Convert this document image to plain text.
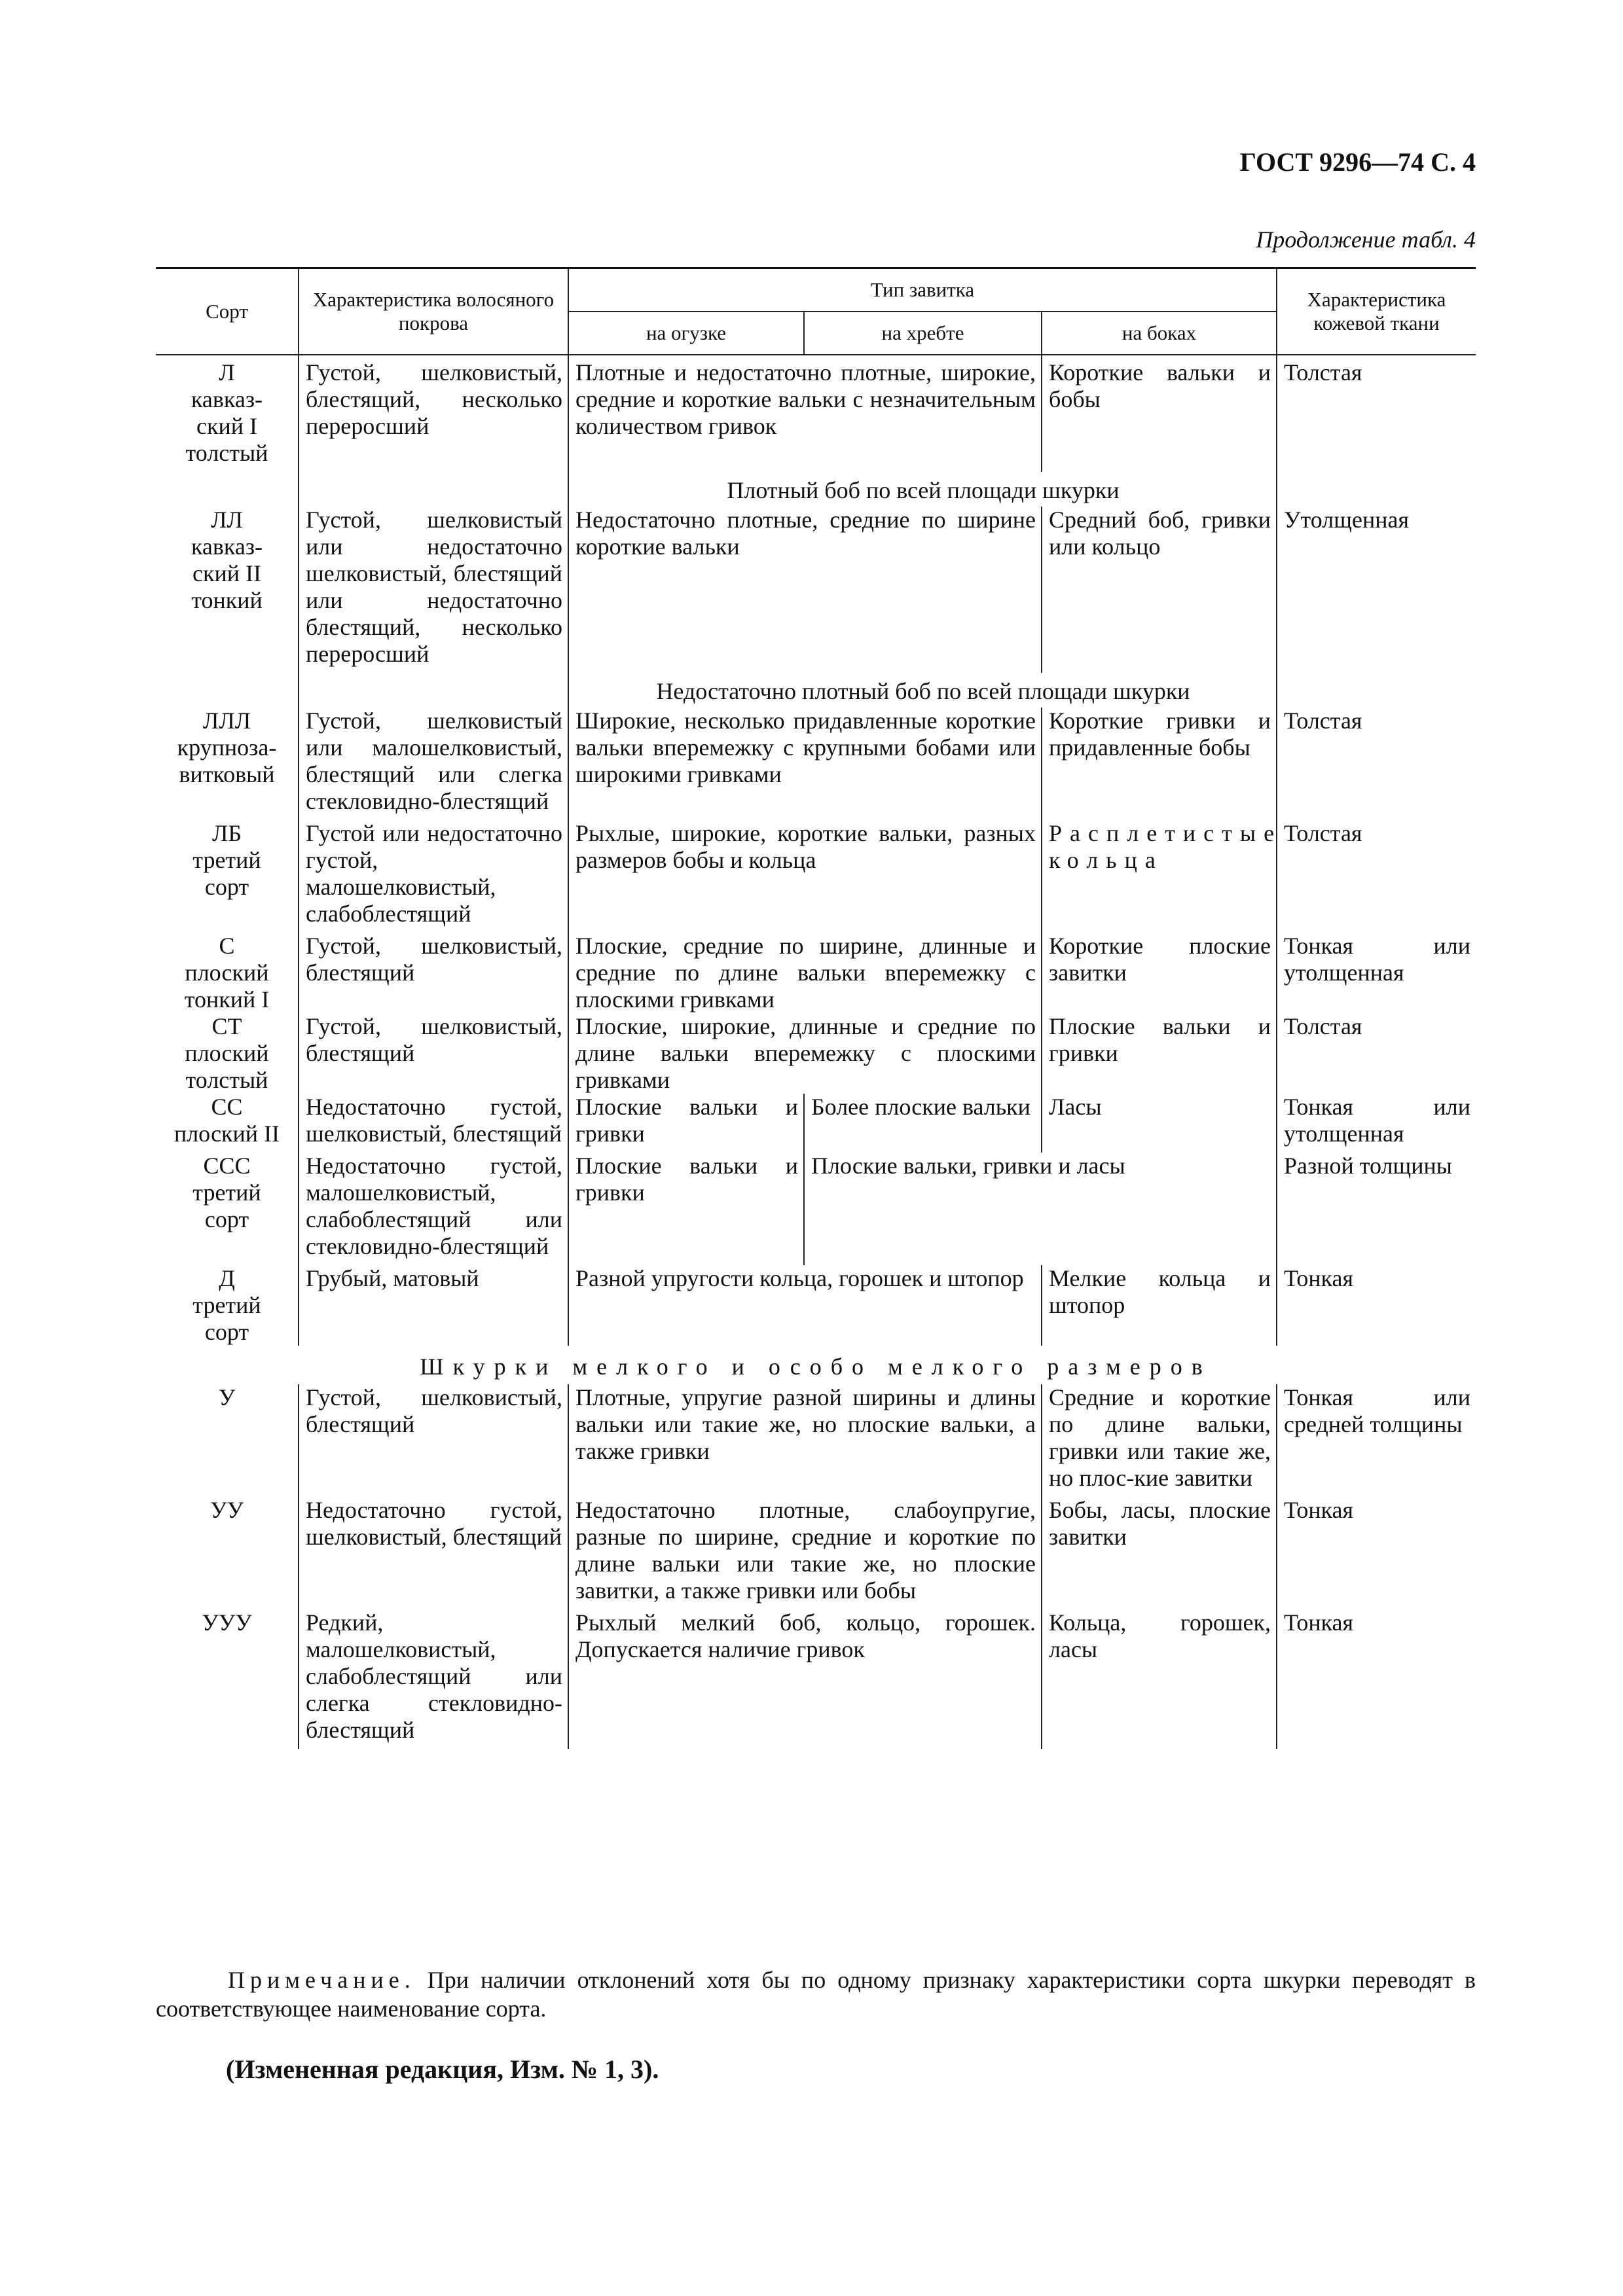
ГОСТ 9296—74 С. 4
Продолжение табл. 4
Сорт	Характеристика волосяного покрова	Тип завитка			Характеристика кожевой ткани
		на огузке	на хребте	на боках	

Л
кавказ-
ский I
толстый	Густой, шелковистый, блестящий, несколько переросший	Плотные и недостаточно плотные, широкие, средние и короткие вальки с незначительным количеством гривок		Короткие вальки и бобы	Толстая
		Плотный боб по всей площади шкурки			

ЛЛ
кавказ-
ский II
тонкий	Густой, шелковистый или недостаточно шелковистый, блестящий или недостаточно блестящий, несколько переросший	Недостаточно плотные, средние по ширине короткие вальки		Средний боб, гривки или кольцо	Утолщенная
		Недостаточно плотный боб по всей площади шкурки			

ЛЛЛ
крупноза-
витковый	Густой, шелковистый или малошелковистый, блестящий или слегка стекловидно-блестящий	Широкие, несколько придавленные короткие вальки вперемежку с крупными бобами или широкими гривками		Короткие гривки и придавленные бобы	Толстая

ЛБ
третий
сорт	Густой или недостаточно густой, малошелковистый, слабоблестящий	Рыхлые, широкие, короткие вальки, разных размеров бобы и кольца		Расплетистые кольца	Толстая

С
плоский
тонкий I	Густой, шелковистый, блестящий	Плоские, средние по ширине, длинные и средние по длине вальки вперемежку с плоскими гривками		Короткие плоские завитки	Тонкая или утолщенная

СТ
плоский
толстый	Густой, шелковистый, блестящий	Плоские, широкие, длинные и средние по длине вальки вперемежку с плоскими гривками		Плоские вальки и гривки	Толстая

СС
плоский II	Недостаточно густой, шелковистый, блестящий	Плоские вальки и гривки	Более плоские вальки	Ласы	Тонкая или утолщенная

ССС
третий
сорт	Недостаточно густой, малошелковистый, слабоблестящий или стекловидно-блестящий	Плоские вальки и гривки	Плоские вальки, гривки и ласы		Разной толщины

Д
третий
сорт	Грубый, матовый	Разной упругости кольца, горошек и штопор		Мелкие кольца и штопор	Тонкая
Шкурки мелкого и особо мелкого размеров					

У	Густой, шелковистый, блестящий	Плотные, упругие разной ширины и длины вальки или такие же, но плоские вальки, а также гривки		Средние и короткие по длине вальки, гривки или такие же, но плос-кие завитки	Тонкая или средней толщины

УУ	Недостаточно густой, шелковистый, блестящий	Недостаточно плотные, слабоупругие, разные по ширине, средние и короткие по длине вальки или такие же, но плоские завитки, а также гривки или бобы		Бобы, ласы, плоские завитки	Тонкая

УУУ	Редкий, малошелковистый, слабоблестящий или слегка стекловидно-блестящий	Рыхлый мелкий боб, кольцо, горошек. Допускается наличие гривок		Кольца, горошек, ласы	Тонкая
Примечание. При наличии отклонений хотя бы по одному признаку характеристики сорта шкурки переводят в соответствующее наименование сорта.
(Измененная редакция, Изм. № 1, 3).
